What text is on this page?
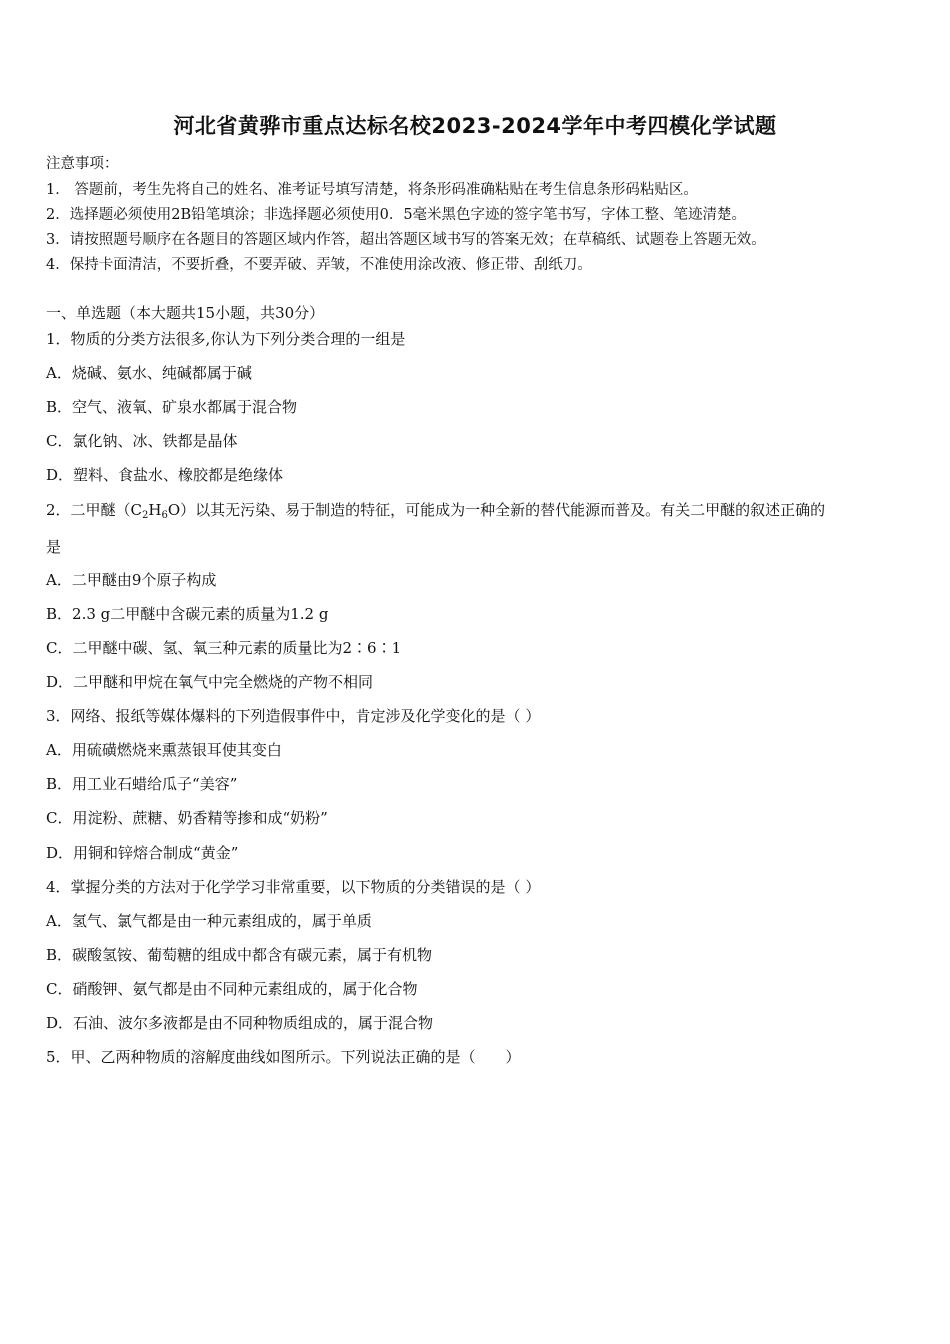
河北省黄骅市重点达标名校2023-2024学年中考四模化学试题
注意事项：
1． 答题前，考生先将自己的姓名、准考证号填写清楚，将条形码准确粘贴在考生信息条形码粘贴区。
2．选择题必须使用2B铅笔填涂；非选择题必须使用0．5毫米黑色字迹的签字笔书写，字体工整、笔迹清楚。
3．请按照题号顺序在各题目的答题区域内作答，超出答题区域书写的答案无效；在草稿纸、试题卷上答题无效。
4．保持卡面清洁，不要折叠，不要弄破、弄皱，不准使用涂改液、修正带、刮纸刀。
一、单选题（本大题共15小题，共30分）
1．物质的分类方法很多,你认为下列分类合理的一组是
A．烧碱、氨水、纯碱都属于碱
B．空气、液氧、矿泉水都属于混合物
C．氯化钠、冰、铁都是晶体
D．塑料、食盐水、橡胶都是绝缘体
2．二甲醚$(C_2H_6O)$以其无污染、易于制造的特征，可能成为一种全新的替代能源而普及。有关二甲醚的叙述正确的
是
A．二甲醚由9个原子构成
B．2.3 g二甲醚中含碳元素的质量为1.2 g
C．二甲醚中碳、氢、氧三种元素的质量比为2∶6∶1
D．二甲醚和甲烷在氧气中完全燃烧的产物不相同
3．网络、报纸等媒体爆料的下列造假事件中，肯定涉及化学变化的是（ ）
A．用硫磺燃烧来熏蒸银耳使其变白
B．用工业石蜡给瓜子“美容”
C．用淀粉、蔗糖、奶香精等掺和成“奶粉”
D．用铜和锌熔合制成“黄金”
4．掌握分类的方法对于化学学习非常重要，以下物质的分类错误的是（ ）
A．氢气、氯气都是由一种元素组成的，属于单质
B．碳酸氢铵、葡萄糖的组成中都含有碳元素，属于有机物
C．硝酸钾、氨气都是由不同种元素组成的，属于化合物
D．石油、波尔多液都是由不同种物质组成的，属于混合物
5．甲、乙两种物质的溶解度曲线如图所示。下列说法正确的是（　　）
